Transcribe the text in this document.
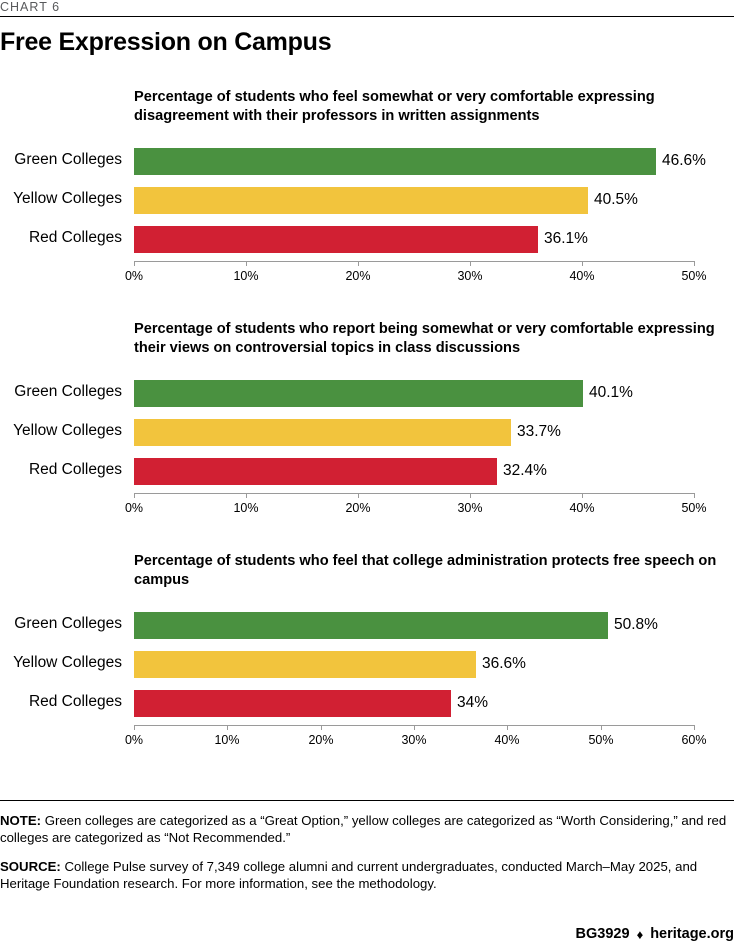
CHART 6
Free Expression on Campus
Percentage of students who feel somewhat or very comfortable expressing disagreement with their professors in written assignments
Green Colleges	46.6%
Yellow Colleges	40.5%
Red Colleges	36.1%
0%	10%	20%	30%	40%	50%
Percentage of students who report being somewhat or very comfortable expressing their views on controversial topics in class discussions
Green Colleges	40.1%
Yellow Colleges	33.7%
Red Colleges	32.4%
0%	10%	20%	30%	40%	50%
Percentage of students who feel that college administration protects free speech on campus
Green Colleges	50.8%
Yellow Colleges	36.6%
Red Colleges	34%
0%	10%	20%	30%	40%	50%	60%
NOTE: Green colleges are categorized as a “Great Option,” yellow colleges are categorized as “Worth Considering,” and red colleges are categorized as “Not Recommended.”
SOURCE: College Pulse survey of 7,349 college alumni and current undergraduates, conducted March–May 2025, and Heritage Foundation research. For more information, see the methodology.
BG3929 ♦ heritage.org
